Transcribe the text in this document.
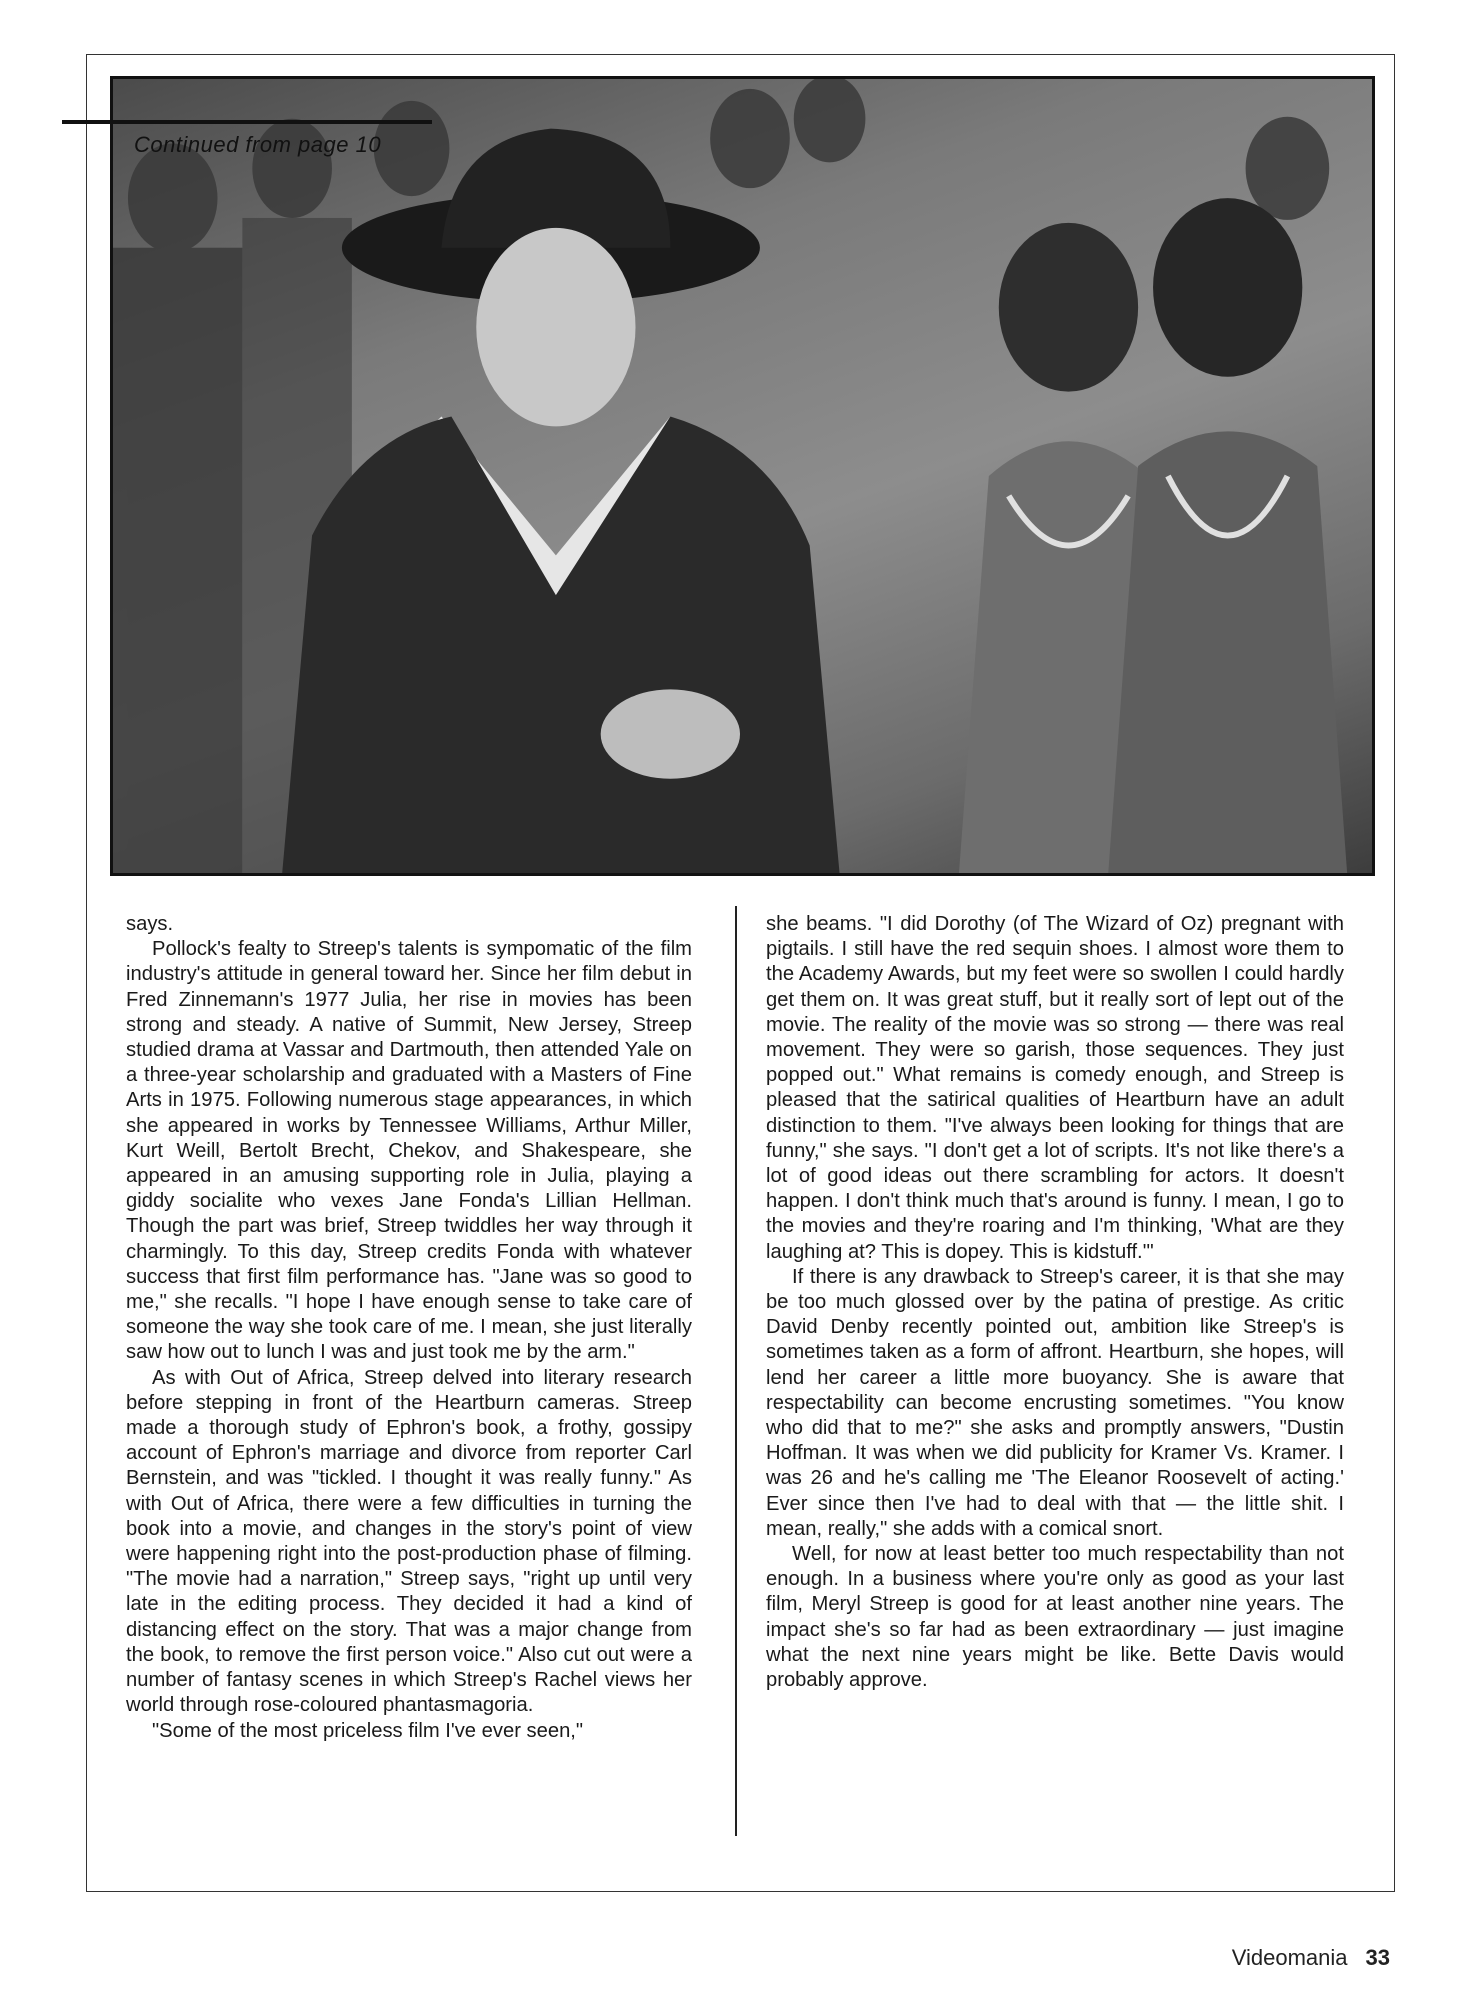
Continued from page 10

says.

Pollock's fealty to Streep's talents is sympomatic of the film industry's attitude in general toward her. Since her film debut in Fred Zinnemann's 1977 Julia, her rise in movies has been strong and steady. A native of Summit, New Jersey, Streep studied drama at Vassar and Dartmouth, then attended Yale on a three-year scholarship and graduated with a Masters of Fine Arts in 1975. Following numerous stage appearances, in which she appeared in works by Tennessee Williams, Arthur Miller, Kurt Weill, Bertolt Brecht, Chekov, and Shakespeare, she appeared in an amusing supporting role in Julia, playing a giddy socialite who vexes Jane Fonda's Lillian Hellman. Though the part was brief, Streep twiddles her way through it charmingly. To this day, Streep credits Fonda with whatever success that first film performance has. "Jane was so good to me," she recalls. "I hope I have enough sense to take care of someone the way she took care of me. I mean, she just literally saw how out to lunch I was and just took me by the arm."

As with Out of Africa, Streep delved into literary research before stepping in front of the Heartburn cameras. Streep made a thorough study of Ephron's book, a frothy, gossipy account of Ephron's marriage and divorce from reporter Carl Bernstein, and was "tickled. I thought it was really funny." As with Out of Africa, there were a few difficulties in turning the book into a movie, and changes in the story's point of view were happening right into the post-production phase of filming. "The movie had a narration," Streep says, "right up until very late in the editing process. They decided it had a kind of distancing effect on the story. That was a major change from the book, to remove the first person voice." Also cut out were a number of fantasy scenes in which Streep's Rachel views her world through rose-coloured phantasmagoria.

"Some of the most priceless film I've ever seen,"

she beams. "I did Dorothy (of The Wizard of Oz) pregnant with pigtails. I still have the red sequin shoes. I almost wore them to the Academy Awards, but my feet were so swollen I could hardly get them on. It was great stuff, but it really sort of lept out of the movie. The reality of the movie was so strong — there was real movement. They were so garish, those sequences. They just popped out." What remains is comedy enough, and Streep is pleased that the satirical qualities of Heartburn have an adult distinction to them. "I've always been looking for things that are funny," she says. "I don't get a lot of scripts. It's not like there's a lot of good ideas out there scrambling for actors. It doesn't happen. I don't think much that's around is funny. I mean, I go to the movies and they're roaring and I'm thinking, 'What are they laughing at? This is dopey. This is kidstuff.'"

If there is any drawback to Streep's career, it is that she may be too much glossed over by the patina of prestige. As critic David Denby recently pointed out, ambition like Streep's is sometimes taken as a form of affront. Heartburn, she hopes, will lend her career a little more buoyancy. She is aware that respectability can become encrusting sometimes. "You know who did that to me?" she asks and promptly answers, "Dustin Hoffman. It was when we did publicity for Kramer Vs. Kramer. I was 26 and he's calling me 'The Eleanor Roosevelt of acting.' Ever since then I've had to deal with that — the little shit. I mean, really," she adds with a comical snort.

Well, for now at least better too much respectability than not enough. In a business where you're only as good as your last film, Meryl Streep is good for at least another nine years. The impact she's so far had as been extraordinary — just imagine what the next nine years might be like. Bette Davis would probably approve.

Videomania 33
